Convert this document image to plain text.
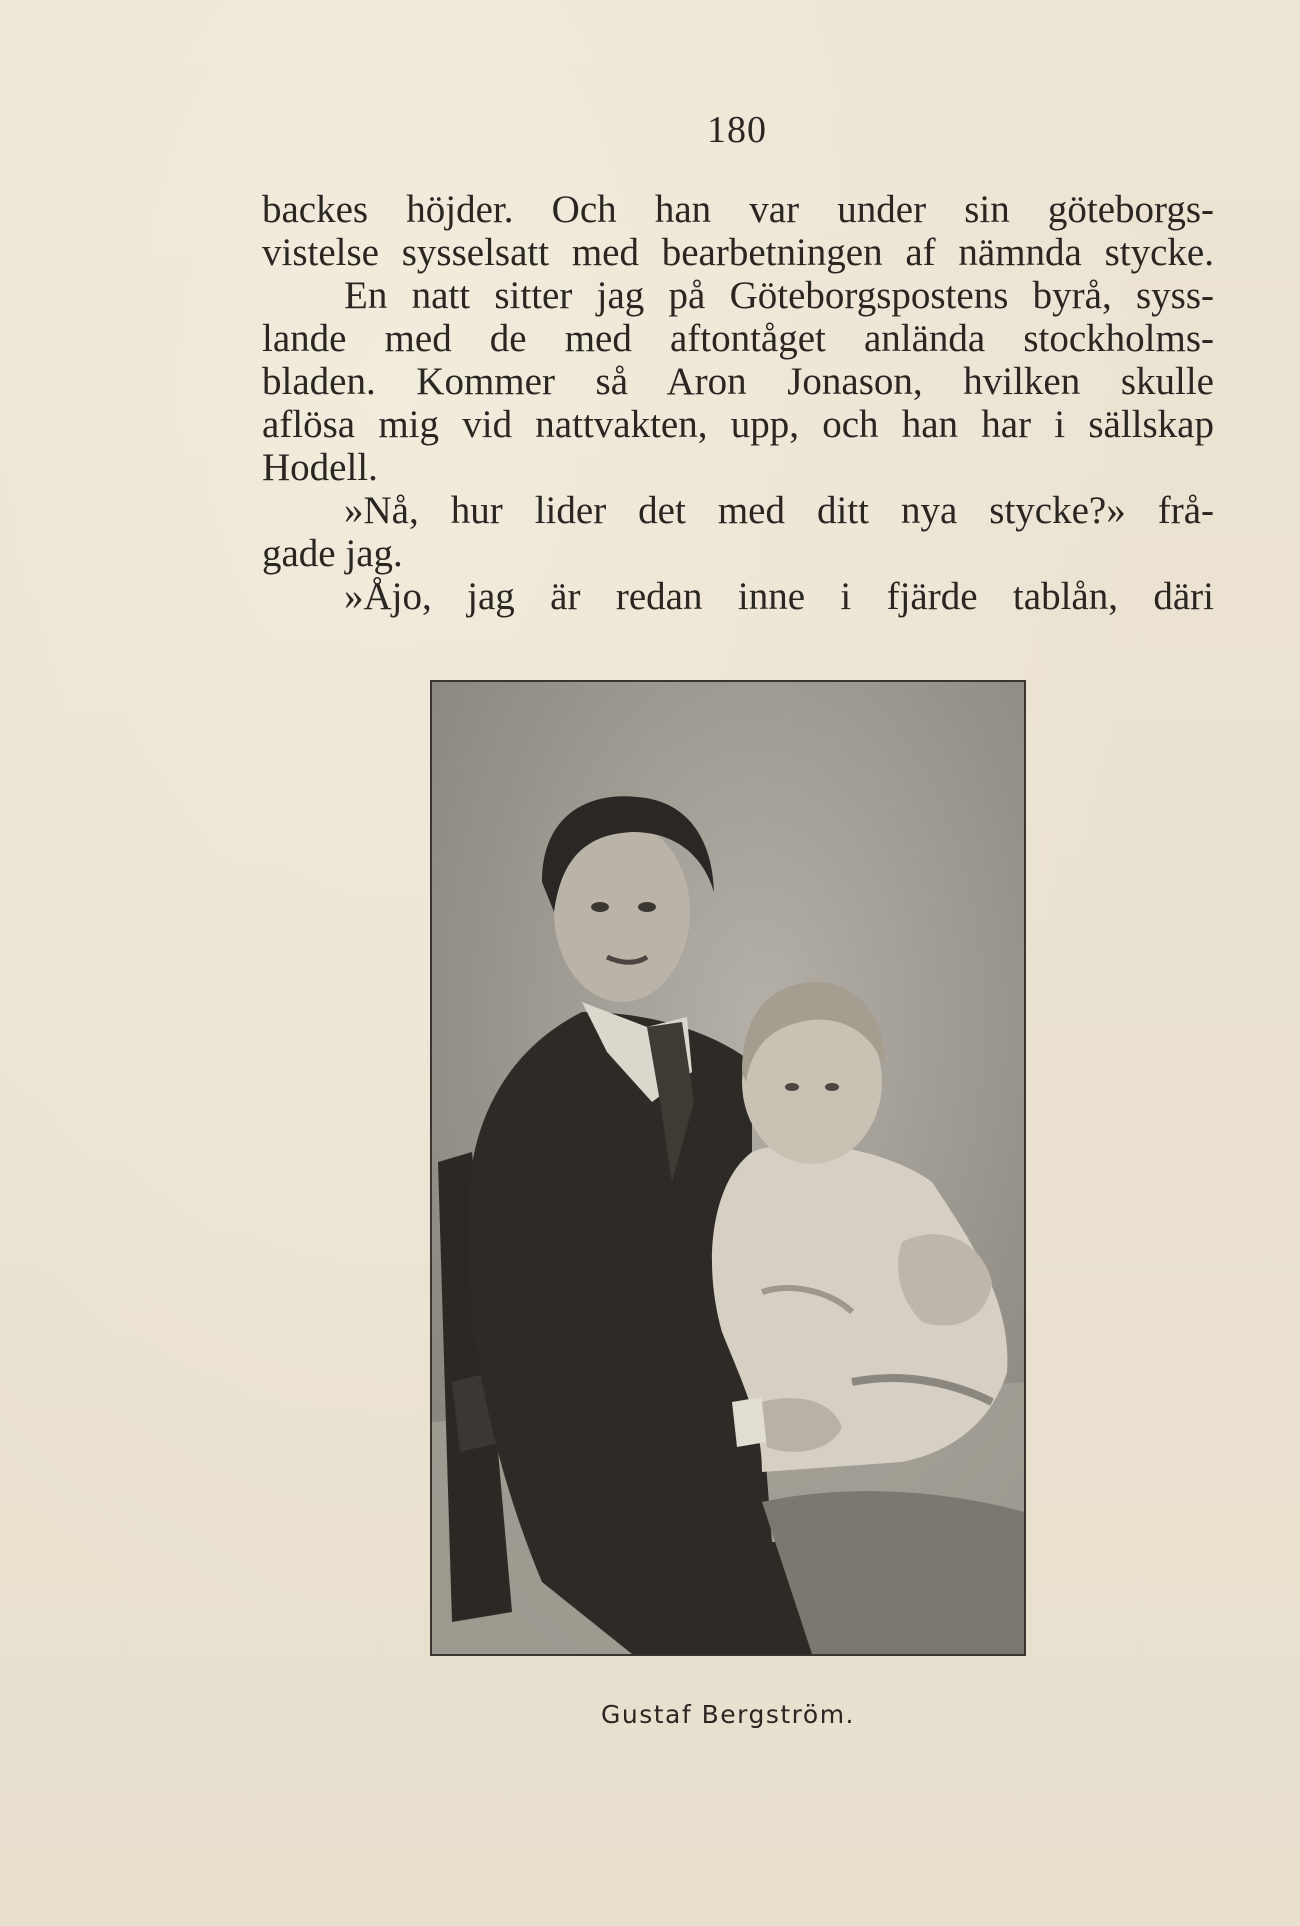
180
backes höjder. Och han var under sin göteborgs-
vistelse sysselsatt med bearbetningen af nämnda stycke.
En natt sitter jag på Göteborgspostens byrå, syss-
lande med de med aftontåget anlända stockholms-
bladen. Kommer så Aron Jonason, hvilken skulle
aflösa mig vid nattvakten, upp, och han har i sällskap
Hodell.
»Nå, hur lider det med ditt nya stycke?» frå-
gade jag.
»Åjo, jag är redan inne i fjärde tablån, däri
Gustaf Bergström.
